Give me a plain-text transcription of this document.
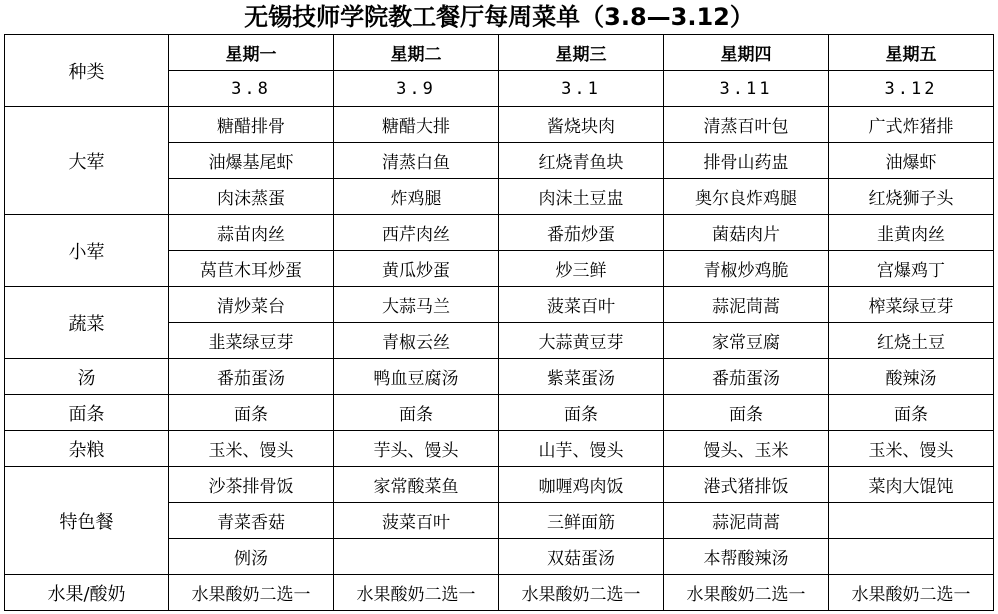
无锡技师学院教工餐厅每周菜单（3.8—3.12）
种类	星期一	星期二	星期三	星期四	星期五
	3.8	3.9	3.1	3.11	3.12
大荤	糖醋排骨	糖醋大排	酱烧块肉	清蒸百叶包	广式炸猪排
	油爆基尾虾	清蒸白鱼	红烧青鱼块	排骨山药盅	油爆虾
	肉沫蒸蛋	炸鸡腿	肉沫土豆盅	奥尔良炸鸡腿	红烧狮子头
小荤	蒜苗肉丝	西芹肉丝	番茄炒蛋	菌菇肉片	韭黄肉丝
	莴苣木耳炒蛋	黄瓜炒蛋	炒三鲜	青椒炒鸡脆	宫爆鸡丁
蔬菜	清炒菜台	大蒜马兰	菠菜百叶	蒜泥茼蒿	榨菜绿豆芽
	韭菜绿豆芽	青椒云丝	大蒜黄豆芽	家常豆腐	红烧土豆
汤	番茄蛋汤	鸭血豆腐汤	紫菜蛋汤	番茄蛋汤	酸辣汤
面条	面条	面条	面条	面条	面条
杂粮	玉米、馒头	芋头、馒头	山芋、馒头	馒头、玉米	玉米、馒头
特色餐	沙茶排骨饭	家常酸菜鱼	咖喱鸡肉饭	港式猪排饭	菜肉大馄饨
	青菜香菇	菠菜百叶	三鲜面筋	蒜泥茼蒿	
	例汤		双菇蛋汤	本帮酸辣汤	
水果/酸奶	水果酸奶二选一	水果酸奶二选一	水果酸奶二选一	水果酸奶二选一	水果酸奶二选一
